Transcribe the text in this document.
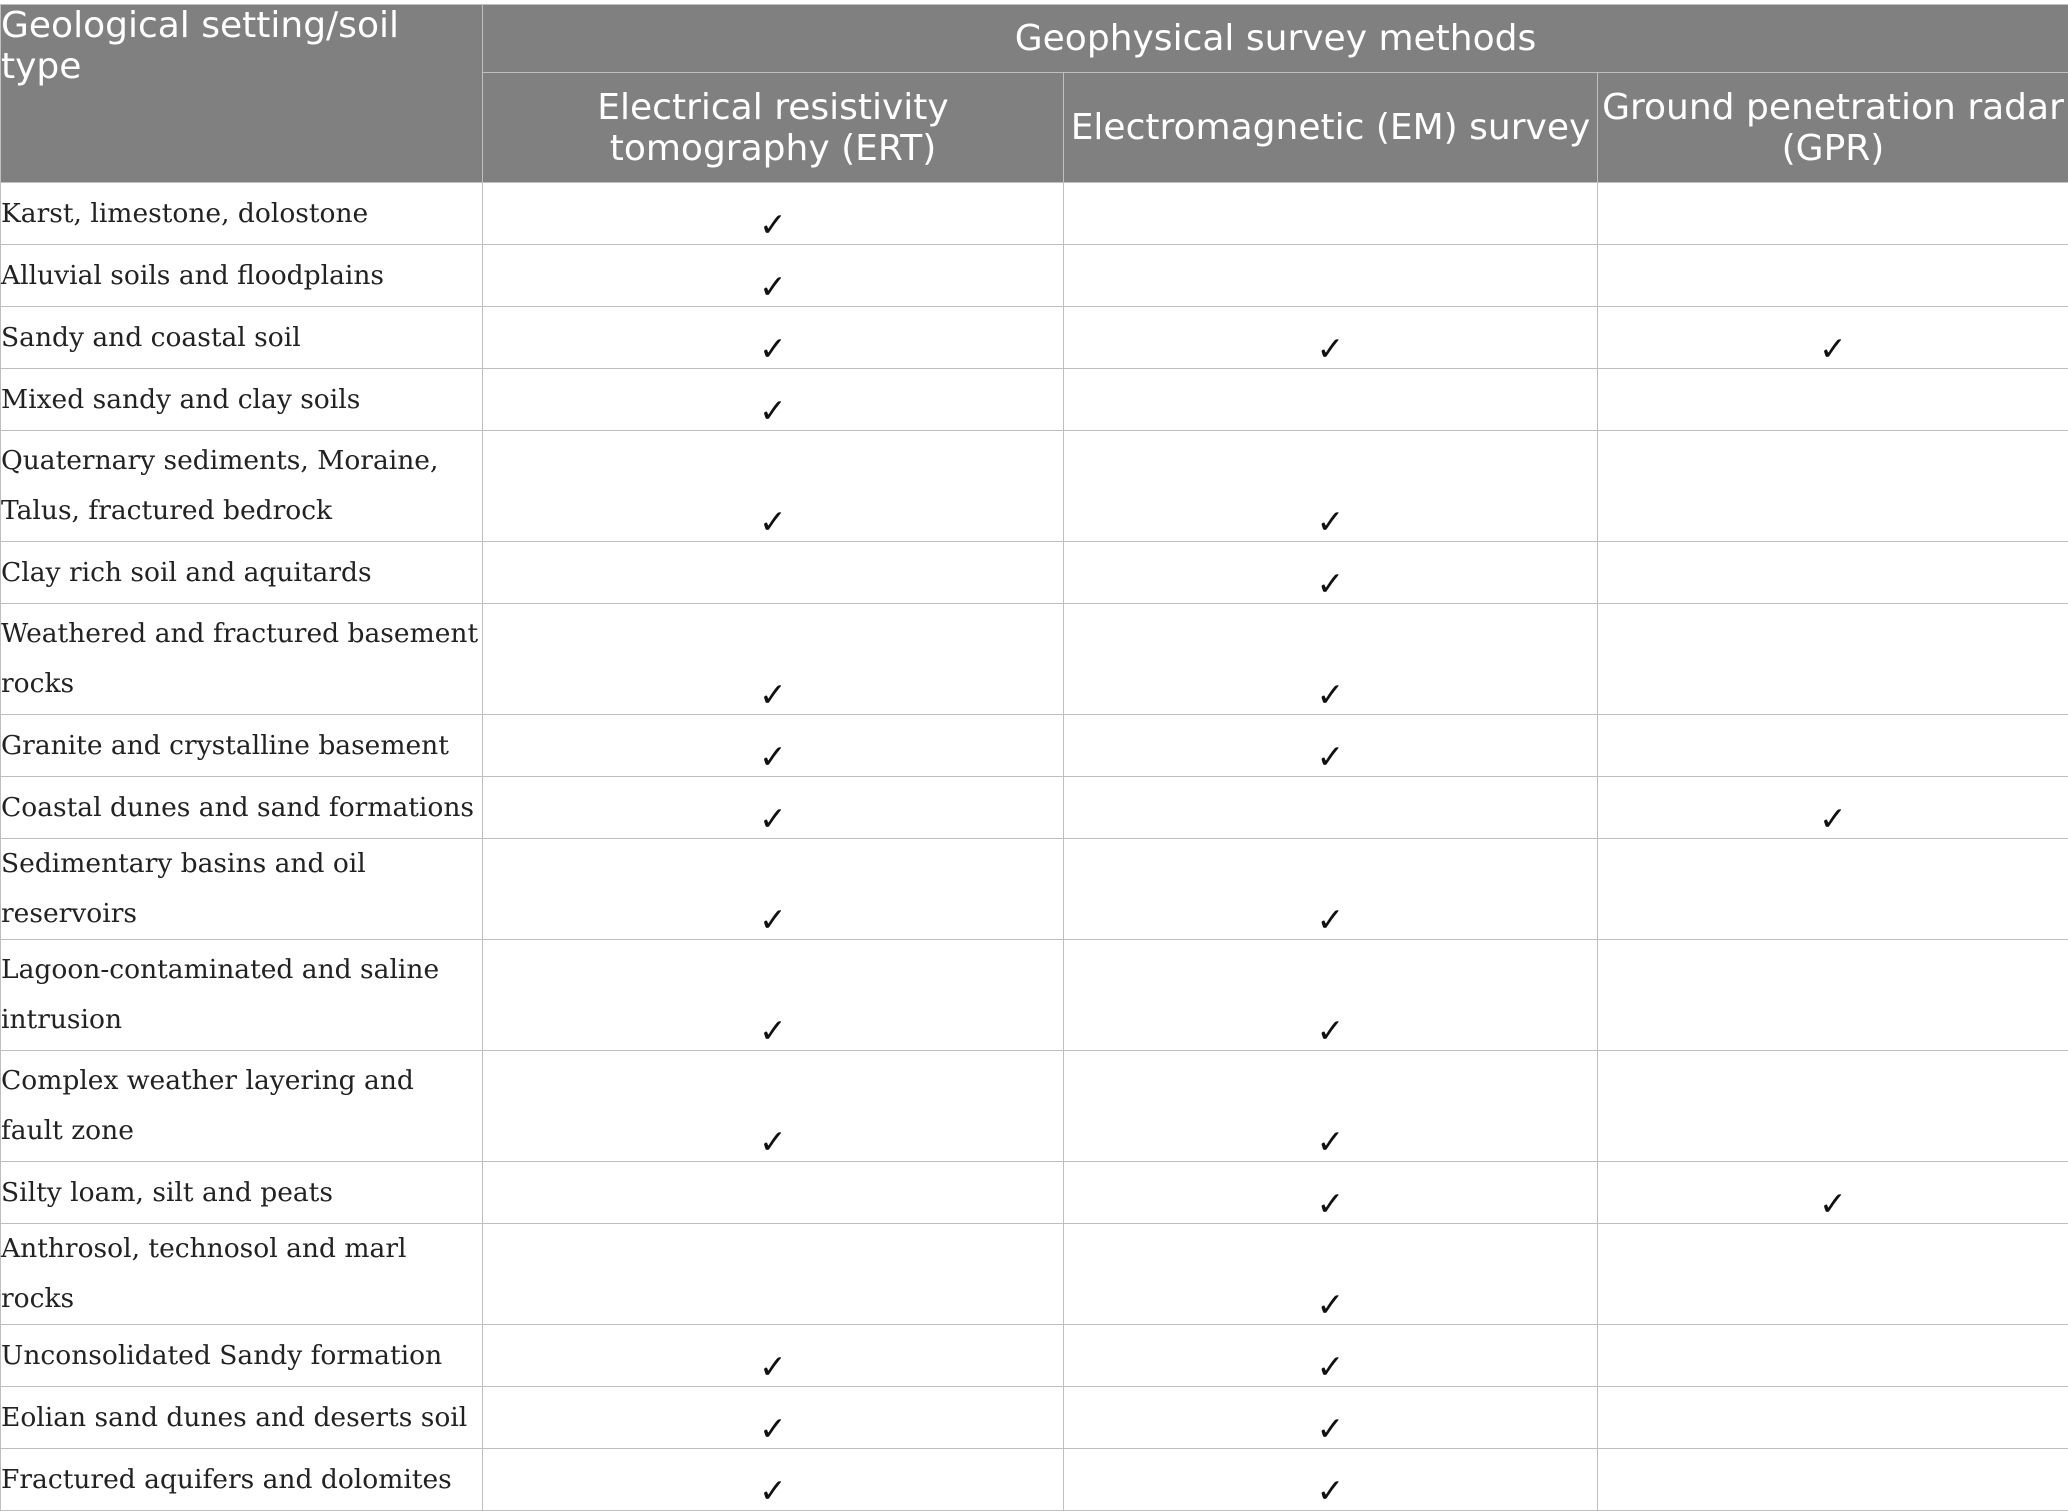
Geological setting/soil type	Geophysical survey methods		
	Electrical resistivity tomography (ERT)	Electromagnetic (EM) survey	Ground penetration radar (GPR)
Karst, limestone, dolostone	✓		
Alluvial soils and floodplains	✓		
Sandy and coastal soil	✓	✓	✓
Mixed sandy and clay soils	✓		
Quaternary sediments, Moraine, Talus, fractured bedrock	✓	✓	
Clay rich soil and aquitards		✓	
Weathered and fractured basement rocks	✓	✓	
Granite and crystalline basement	✓	✓	
Coastal dunes and sand formations	✓		✓
Sedimentary basins and oil reservoirs	✓	✓	
Lagoon-contaminated and saline intrusion	✓	✓	
Complex weather layering and fault zone	✓	✓	
Silty loam, silt and peats		✓	✓
Anthrosol, technosol and marl rocks		✓	
Unconsolidated Sandy formation	✓	✓	
Eolian sand dunes and deserts soil	✓	✓	
Fractured aquifers and dolomites	✓	✓	
